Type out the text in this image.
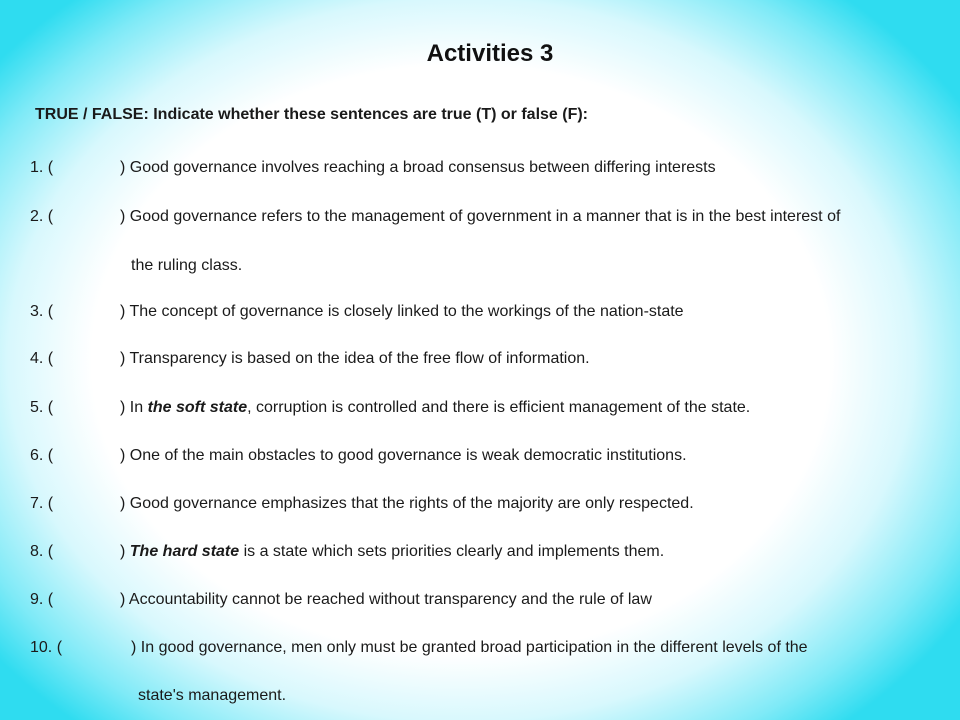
Activities 3
TRUE / FALSE: Indicate whether these sentences are true (T) or false (F):
1. (	) Good governance involves reaching a broad consensus between differing interests
2. (	) Good governance refers to the management of government in a manner that is in the best interest of
the ruling class.
3. (	) The concept of governance is closely linked to the workings of the nation-state
4. (	) Transparency is based on the idea of the free flow of information.
5. (	) In the soft state, corruption is controlled and there is efficient management of the state.
6. (	) One of the main obstacles to good governance is weak democratic institutions.
7. (	) Good governance emphasizes that the rights of the majority are only respected.
8. (	) The hard state is a state which sets priorities clearly and implements them.
9. (	) Accountability cannot be reached without transparency and the rule of law
10. (	) In good governance, men only must be granted broad participation in the different levels of the
state's management.
